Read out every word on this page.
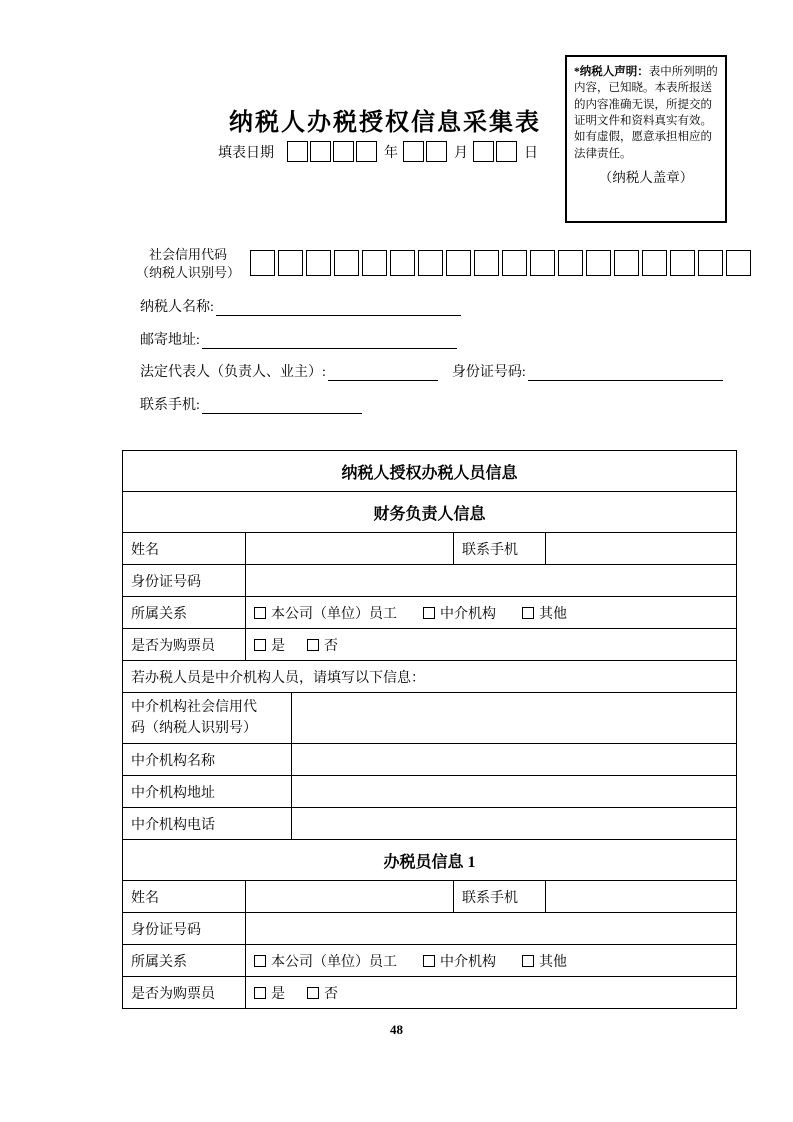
纳税人办税授权信息采集表
填表日期	年	月	日
*纳税人声明：表中所列明的内容，已知晓。本表所报送的内容准确无误，所提交的证明文件和资料真实有效。如有虚假，愿意承担相应的法律责任。
（纳税人盖章）
社会信用代码
（纳税人识别号）
纳税人名称:
邮寄地址:
法定代表人（负责人、业主）:	身份证号码:
联系手机:
纳税人授权办税人员信息
财务负责人信息
姓名	联系手机
身份证号码
所属关系	本公司（单位）员工	中介机构	其他
是否为购票员	是	否
若办税人员是中介机构人员，请填写以下信息：
中介机构社会信用代码（纳税人识别号）
中介机构名称
中介机构地址
中介机构电话
办税员信息 1
姓名	联系手机
身份证号码
所属关系	本公司（单位）员工	中介机构	其他
是否为购票员	是	否
48
